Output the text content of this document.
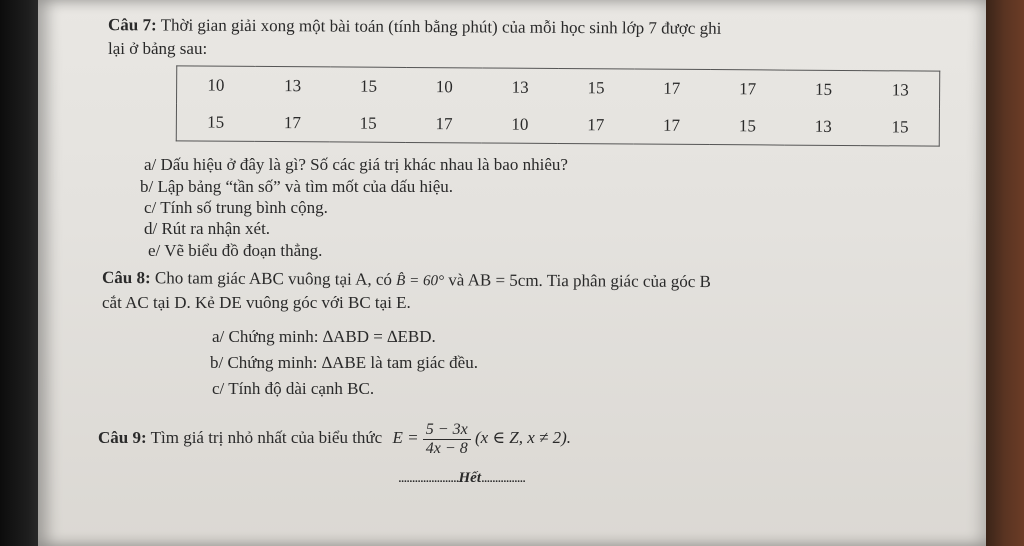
Câu 7: Thời gian giải xong một bài toán (tính bằng phút) của mỗi học sinh lớp 7 được ghi
lại ở bảng sau:
10	13	15	10	13	15	17	17	15	13
15	17	15	17	10	17	17	15	13	15
a/ Dấu hiệu ở đây là gì? Số các giá trị khác nhau là bao nhiêu?
b/ Lập bảng “tần số” và tìm mốt của dấu hiệu.
c/ Tính số trung bình cộng.
d/ Rút ra nhận xét.
e/ Vẽ biểu đồ đoạn thẳng.
Câu 8: Cho tam giác ABC vuông tại A, có B̂ = 60° và AB = 5cm. Tia phân giác của góc B
cắt AC tại D. Kẻ DE vuông góc với BC tại E.
a/ Chứng minh: ∆ABD = ∆EBD.
b/ Chứng minh: ∆ABE là tam giác đều.
c/ Tính độ dài cạnh BC.
Câu 9: Tìm giá trị nhỏ nhất của biểu thức $E = \frac{5 - 3x}{4x - 8} (x$ ∈ Z, x ≠ 2).
......................Hết................
